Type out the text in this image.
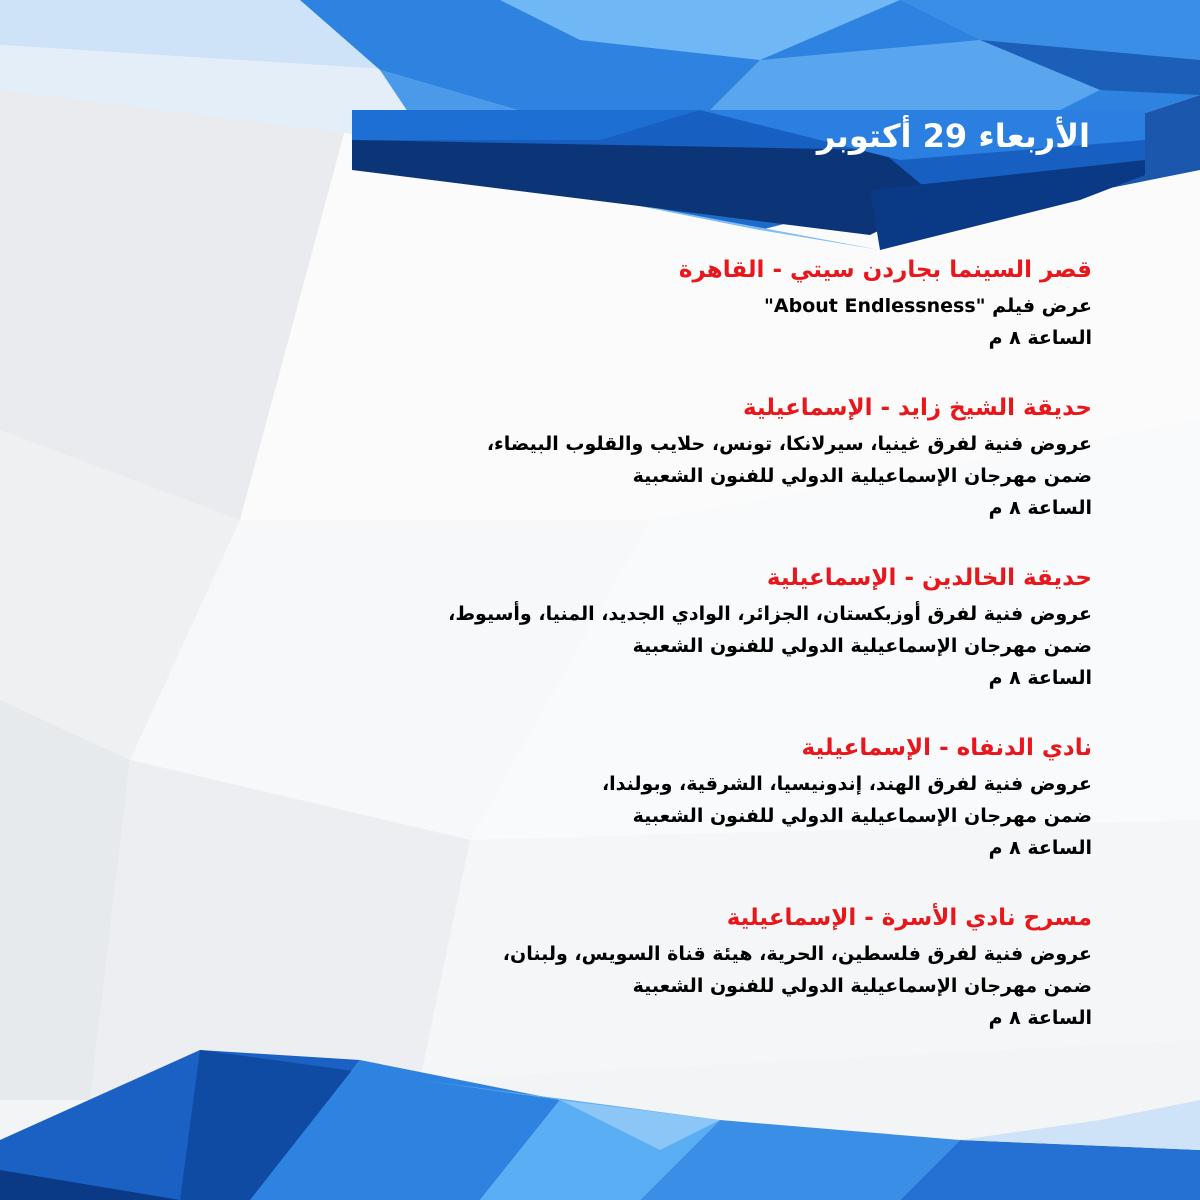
الأربعاء 29 أكتوبر
قصر السينما بجاردن سيتي - القاهرة
عرض فيلم "About Endlessness"
الساعة ٨ م
حديقة الشيخ زايد - الإسماعيلية
عروض فنية لفرق غينيا، سيرلانكا، تونس، حلايب والقلوب البيضاء،
ضمن مهرجان الإسماعيلية الدولي للفنون الشعبية
الساعة ٨ م
حديقة الخالدين - الإسماعيلية
عروض فنية لفرق أوزبكستان، الجزائر، الوادي الجديد، المنيا، وأسيوط،
ضمن مهرجان الإسماعيلية الدولي للفنون الشعبية
الساعة ٨ م
نادي الدنفاه - الإسماعيلية
عروض فنية لفرق الهند، إندونيسيا، الشرقية، وبولندا،
ضمن مهرجان الإسماعيلية الدولي للفنون الشعبية
الساعة ٨ م
مسرح نادي الأسرة - الإسماعيلية
عروض فنية لفرق فلسطين، الحرية، هيئة قناة السويس، ولبنان،
ضمن مهرجان الإسماعيلية الدولي للفنون الشعبية
الساعة ٨ م
